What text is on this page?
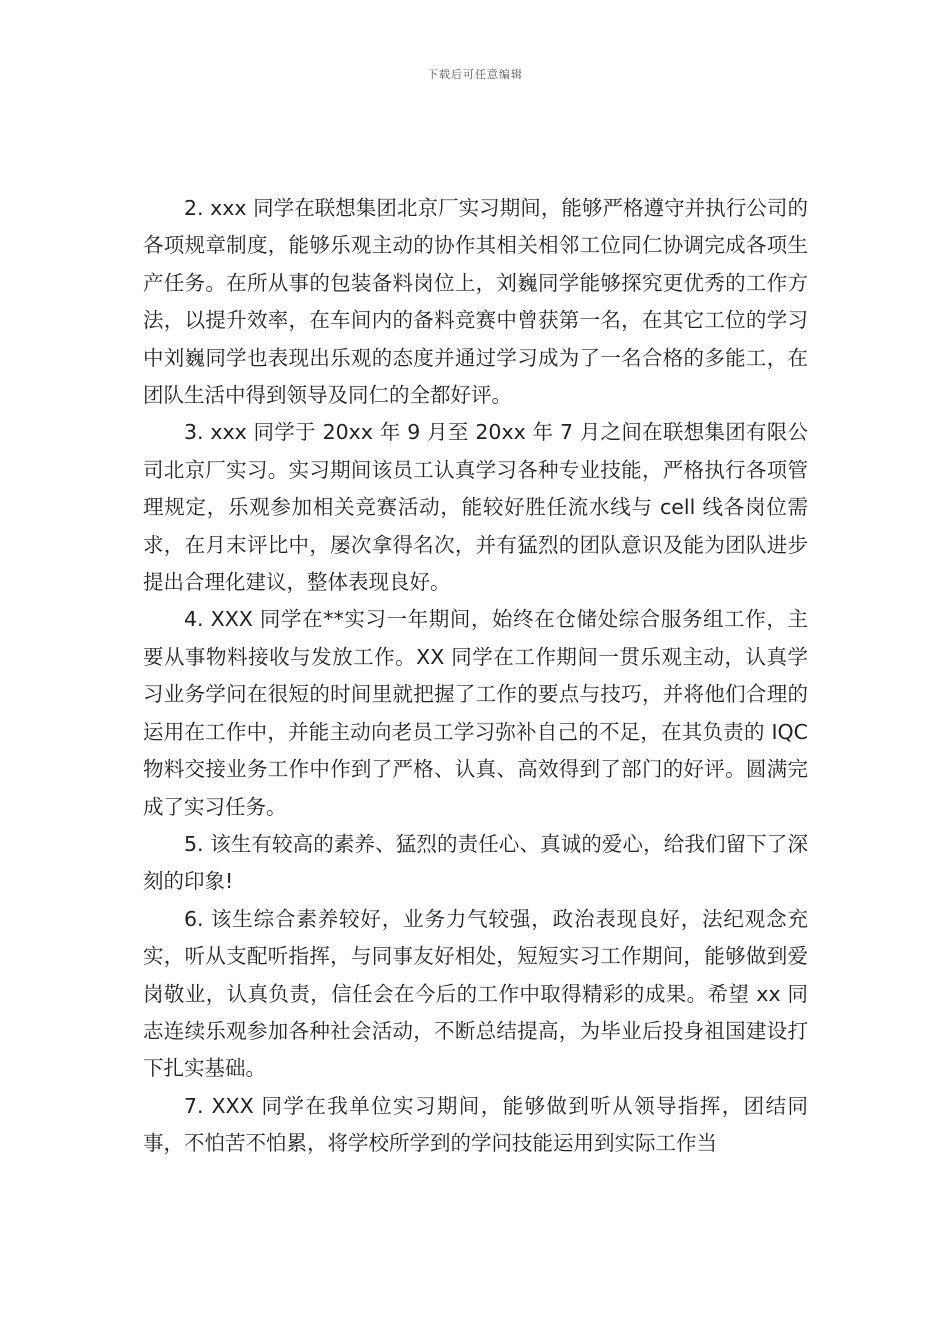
下载后可任意编辑

2. xxx 同学在联想集团北京厂实习期间，能够严格遵守并执行公司的各项规章制度，能够乐观主动的协作其相关相邻工位同仁协调完成各项生产任务。在所从事的包装备料岗位上，刘巍同学能够探究更优秀的工作方法，以提升效率，在车间内的备料竞赛中曾获第一名，在其它工位的学习中刘巍同学也表现出乐观的态度并通过学习成为了一名合格的多能工，在团队生活中得到领导及同仁的全都好评。

3. xxx 同学于 20xx 年 9 月至 20xx 年 7 月之间在联想集团有限公司北京厂实习。实习期间该员工认真学习各种专业技能，严格执行各项管理规定，乐观参加相关竞赛活动，能较好胜任流水线与 cell 线各岗位需求，在月末评比中，屡次拿得名次，并有猛烈的团队意识及能为团队进步提出合理化建议，整体表现良好。

4. XXX 同学在**实习一年期间，始终在仓储处综合服务组工作，主要从事物料接收与发放工作。XX 同学在工作期间一贯乐观主动，认真学习业务学问在很短的时间里就把握了工作的要点与技巧，并将他们合理的运用在工作中，并能主动向老员工学习弥补自己的不足，在其负责的 IQC 物料交接业务工作中作到了严格、认真、高效得到了部门的好评。圆满完成了实习任务。

5. 该生有较高的素养、猛烈的责任心、真诚的爱心，给我们留下了深刻的印象!

6. 该生综合素养较好，业务力气较强，政治表现良好，法纪观念充实，听从支配听指挥，与同事友好相处，短短实习工作期间，能够做到爱岗敬业，认真负责，信任会在今后的工作中取得精彩的成果。希望 xx 同志连续乐观参加各种社会活动，不断总结提高，为毕业后投身祖国建设打下扎实基础。

7. XXX 同学在我单位实习期间，能够做到听从领导指挥，团结同事，不怕苦不怕累，将学校所学到的学问技能运用到实际工作当
